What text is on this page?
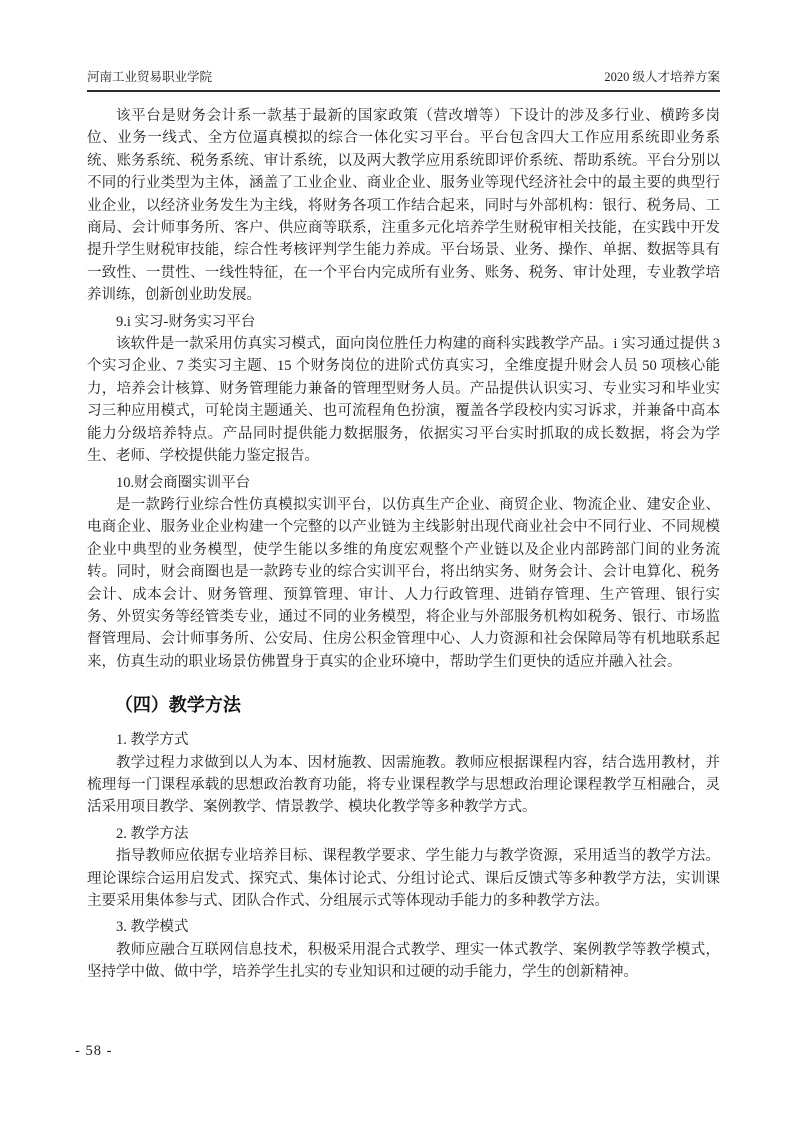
河南工业贸易职业学院	2020 级人才培养方案

该平台是财务会计系一款基于最新的国家政策（营改增等）下设计的涉及多行业、横跨多岗位、业务一线式、全方位逼真模拟的综合一体化实习平台。平台包含四大工作应用系统即业务系统、账务系统、税务系统、审计系统，以及两大教学应用系统即评价系统、帮助系统。平台分别以不同的行业类型为主体，涵盖了工业企业、商业企业、服务业等现代经济社会中的最主要的典型行业企业，以经济业务发生为主线，将财务各项工作结合起来，同时与外部机构：银行、税务局、工商局、会计师事务所、客户、供应商等联系，注重多元化培养学生财税审相关技能，在实践中开发提升学生财税审技能，综合性考核评判学生能力养成。平台场景、业务、操作、单据、数据等具有一致性、一贯性、一线性特征，在一个平台内完成所有业务、账务、税务、审计处理，专业教学培养训练，创新创业助发展。

9.i 实习-财务实习平台

该软件是一款采用仿真实习模式，面向岗位胜任力构建的商科实践教学产品。i 实习通过提供 3 个实习企业、7 类实习主题、15 个财务岗位的进阶式仿真实习，全维度提升财会人员 50 项核心能力，培养会计核算、财务管理能力兼备的管理型财务人员。产品提供认识实习、专业实习和毕业实习三种应用模式，可轮岗主题通关、也可流程角色扮演，覆盖各学段校内实习诉求，并兼备中高本能力分级培养特点。产品同时提供能力数据服务，依据实习平台实时抓取的成长数据，将会为学生、老师、学校提供能力鉴定报告。

10.财会商圈实训平台

是一款跨行业综合性仿真模拟实训平台，以仿真生产企业、商贸企业、物流企业、建安企业、电商企业、服务业企业构建一个完整的以产业链为主线影射出现代商业社会中不同行业、不同规模企业中典型的业务模型，使学生能以多维的角度宏观整个产业链以及企业内部跨部门间的业务流转。同时，财会商圈也是一款跨专业的综合实训平台，将出纳实务、财务会计、会计电算化、税务会计、成本会计、财务管理、预算管理、审计、人力行政管理、进销存管理、生产管理、银行实务、外贸实务等经管类专业，通过不同的业务模型，将企业与外部服务机构如税务、银行、市场监督管理局、会计师事务所、公安局、住房公积金管理中心、人力资源和社会保障局等有机地联系起来，仿真生动的职业场景仿佛置身于真实的企业环境中，帮助学生们更快的适应并融入社会。

（四）教学方法

1. 教学方式

教学过程力求做到以人为本、因材施教、因需施教。教师应根据课程内容，结合选用教材，并梳理每一门课程承载的思想政治教育功能，将专业课程教学与思想政治理论课程教学互相融合，灵活采用项目教学、案例教学、情景教学、模块化教学等多种教学方式。

2. 教学方法

指导教师应依据专业培养目标、课程教学要求、学生能力与教学资源，采用适当的教学方法。理论课综合运用启发式、探究式、集体讨论式、分组讨论式、课后反馈式等多种教学方法，实训课主要采用集体参与式、团队合作式、分组展示式等体现动手能力的多种教学方法。

3. 教学模式

教师应融合互联网信息技术，积极采用混合式教学、理实一体式教学、案例教学等教学模式，坚持学中做、做中学，培养学生扎实的专业知识和过硬的动手能力，学生的创新精神。

- 58 -
